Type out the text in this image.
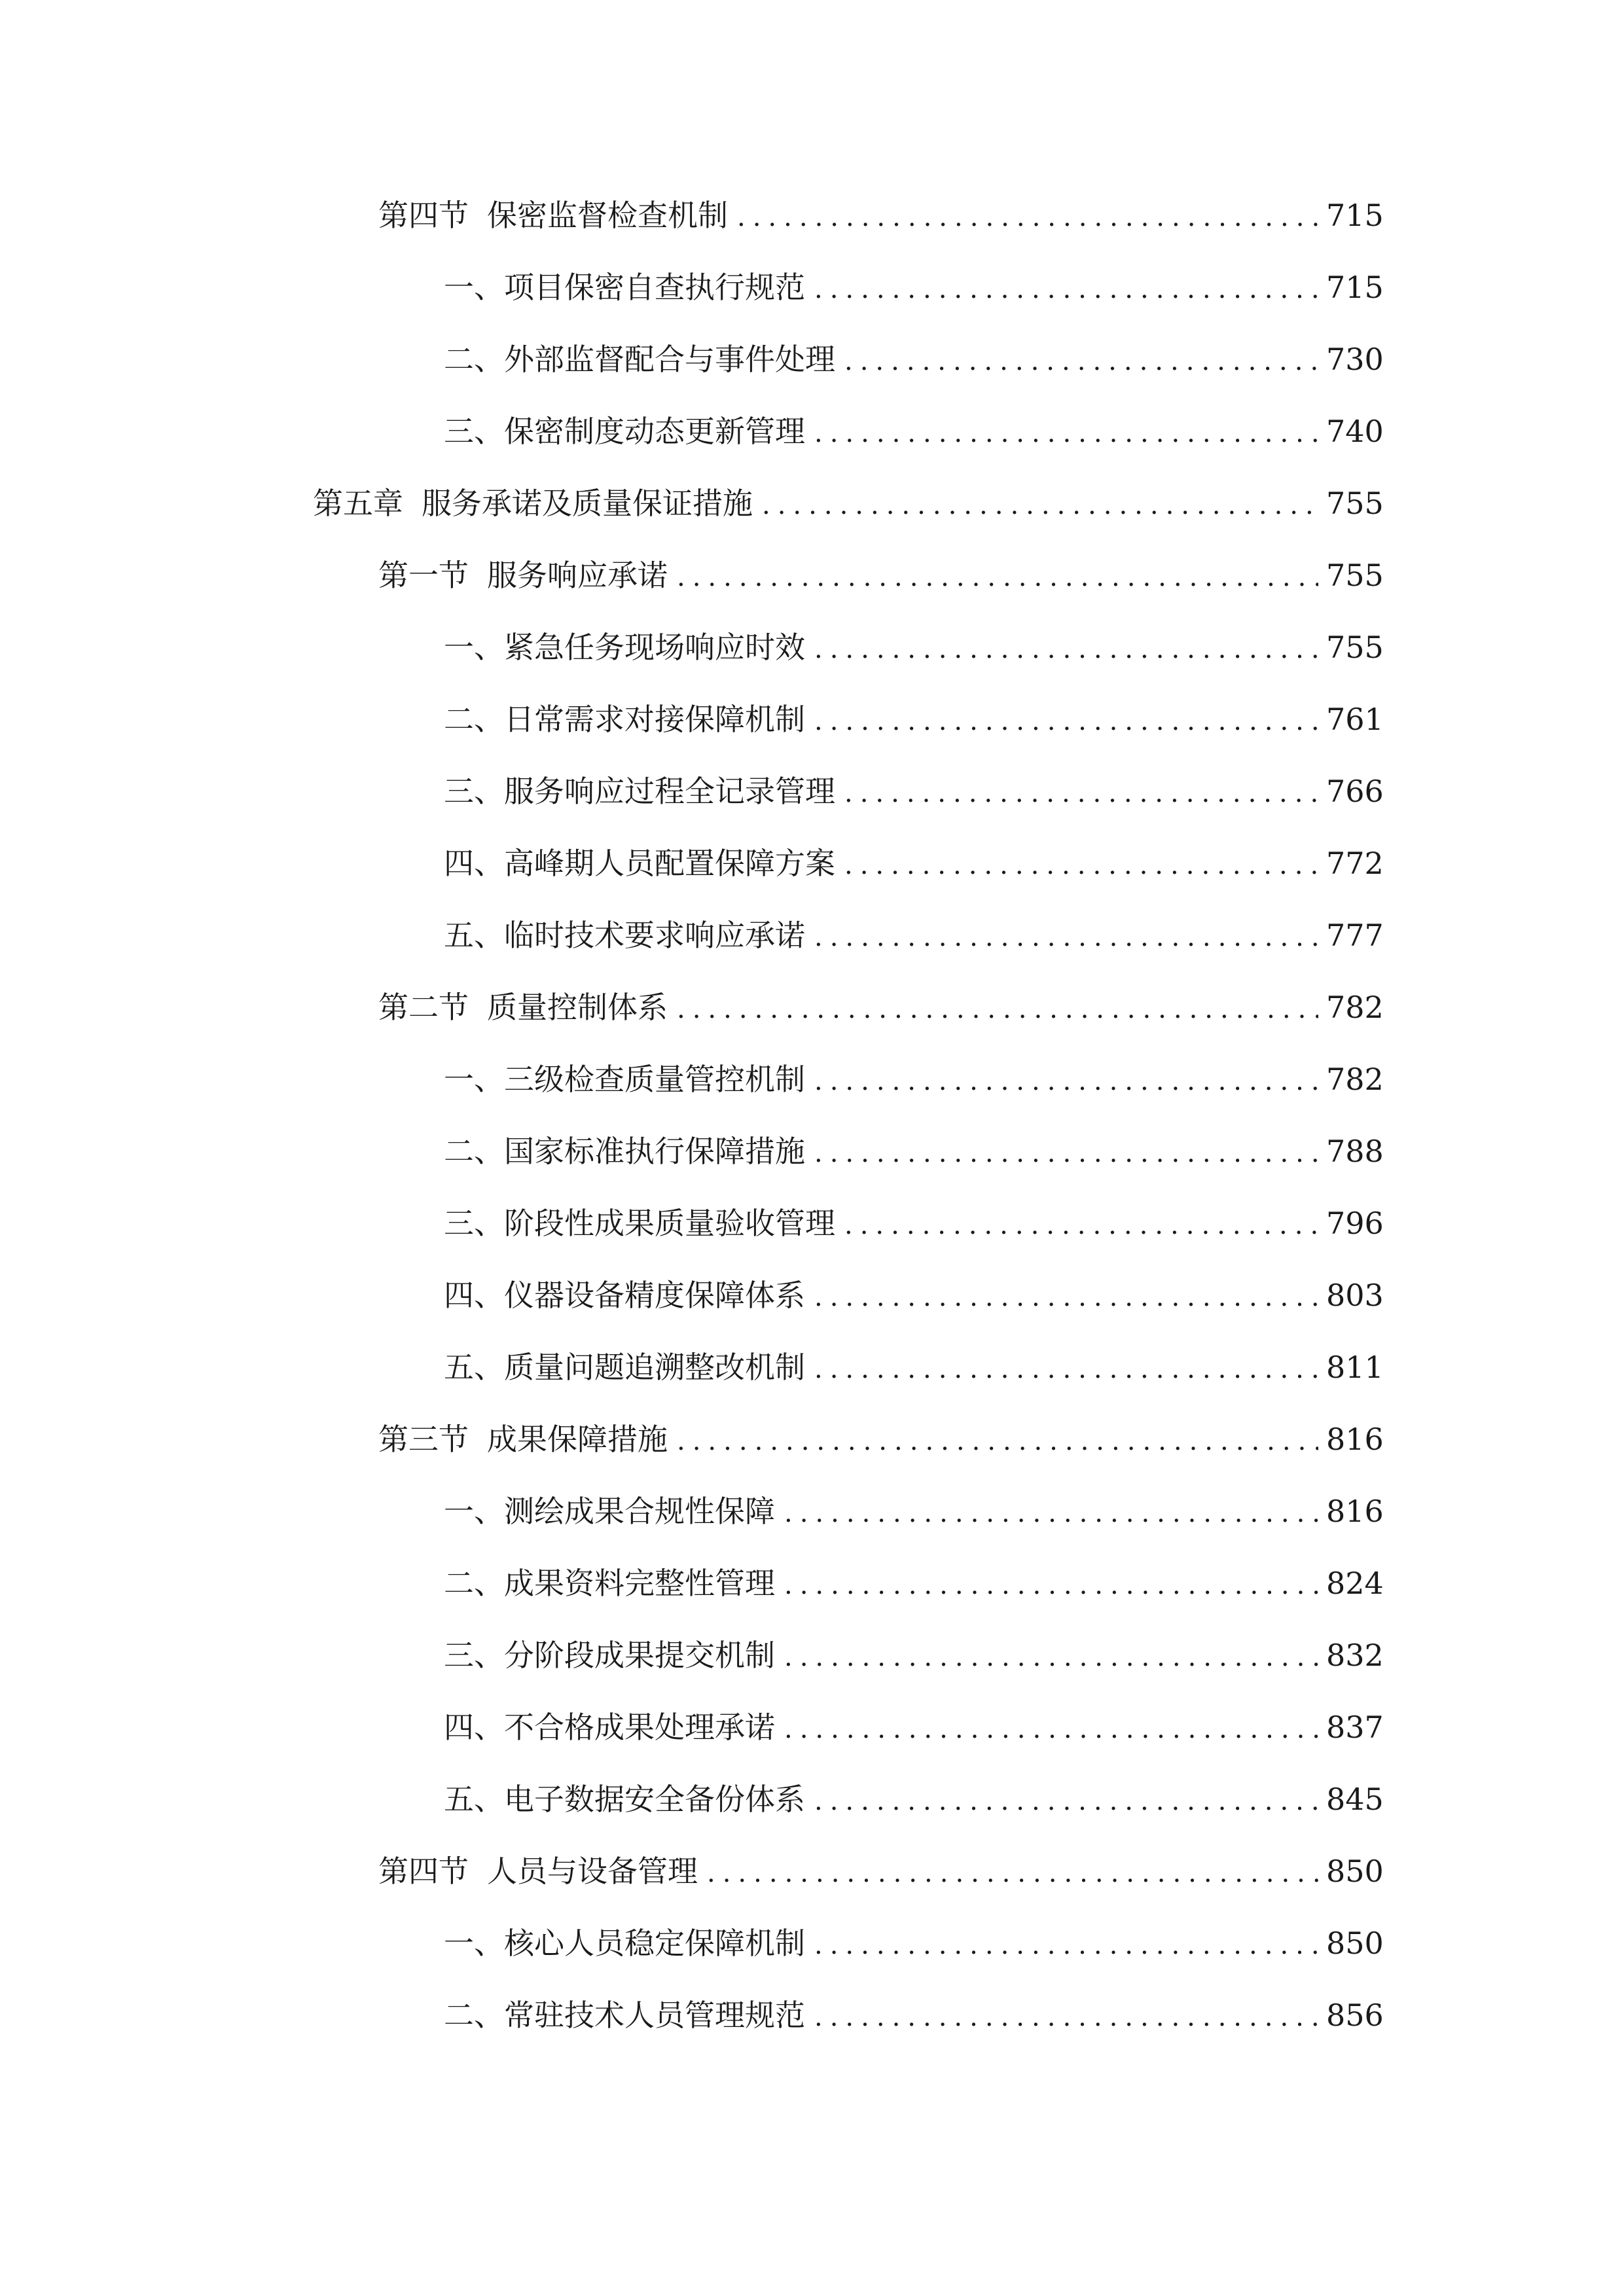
第四节 保密监督检查机制 .....	715
一、 项目保密自查执行规范 .....	715
二、 外部监督配合与事件处理 .....	730
三、 保密制度动态更新管理 .....	740
第五章 服务承诺及质量保证措施 .....	755
第一节 服务响应承诺 .....	755
一、 紧急任务现场响应时效 .....	755
二、 日常需求对接保障机制 .....	761
三、 服务响应过程全记录管理 .....	766
四、 高峰期人员配置保障方案 .....	772
五、 临时技术要求响应承诺 .....	777
第二节 质量控制体系 .....	782
一、 三级检查质量管控机制 .....	782
二、 国家标准执行保障措施 .....	788
三、 阶段性成果质量验收管理 .....	796
四、 仪器设备精度保障体系 .....	803
五、 质量问题追溯整改机制 .....	811
第三节 成果保障措施 .....	816
一、 测绘成果合规性保障 .....	816
二、 成果资料完整性管理 .....	824
三、 分阶段成果提交机制 .....	832
四、 不合格成果处理承诺 .....	837
五、 电子数据安全备份体系 .....	845
第四节 人员与设备管理 .....	850
一、 核心人员稳定保障机制 .....	850
二、 常驻技术人员管理规范 .....	856
